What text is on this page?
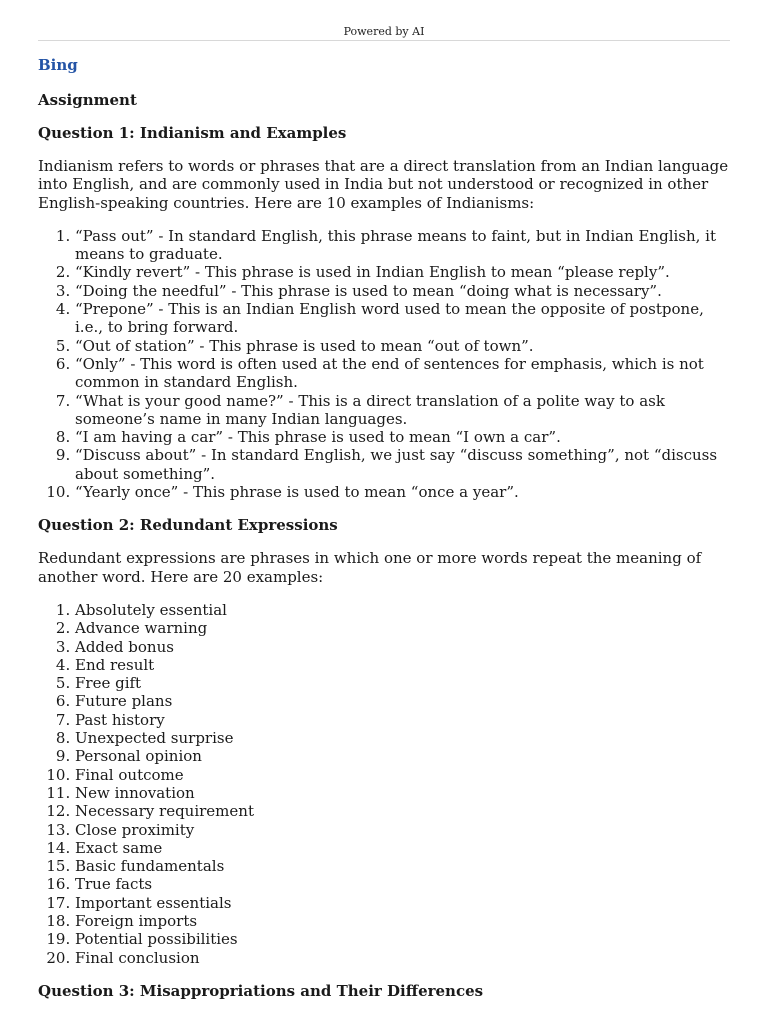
Powered by AI
Bing
Assignment
Question 1: Indianism and Examples

Indianism refers to words or phrases that are a direct translation from an Indian language into English, and are commonly used in India but not understood or recognized in other English-speaking countries. Here are 10 examples of Indianisms:

1. “Pass out” - In standard English, this phrase means to faint, but in Indian English, it means to graduate.
2. “Kindly revert” - This phrase is used in Indian English to mean “please reply”.
3. “Doing the needful” - This phrase is used to mean “doing what is necessary”.
4. “Prepone” - This is an Indian English word used to mean the opposite of postpone, i.e., to bring forward.
5. “Out of station” - This phrase is used to mean “out of town”.
6. “Only” - This word is often used at the end of sentences for emphasis, which is not common in standard English.
7. “What is your good name?” - This is a direct translation of a polite way to ask someone’s name in many Indian languages.
8. “I am having a car” - This phrase is used to mean “I own a car”.
9. “Discuss about” - In standard English, we just say “discuss something”, not “discuss about something”.
10. “Yearly once” - This phrase is used to mean “once a year”.
Question 2: Redundant Expressions

Redundant expressions are phrases in which one or more words repeat the meaning of another word. Here are 20 examples:

1. Absolutely essential
2. Advance warning
3. Added bonus
4. End result
5. Free gift
6. Future plans
7. Past history
8. Unexpected surprise
9. Personal opinion
10. Final outcome
11. New innovation
12. Necessary requirement
13. Close proximity
14. Exact same
15. Basic fundamentals
16. True facts
17. Important essentials
18. Foreign imports
19. Potential possibilities
20. Final conclusion
Question 3: Misappropriations and Their Differences
